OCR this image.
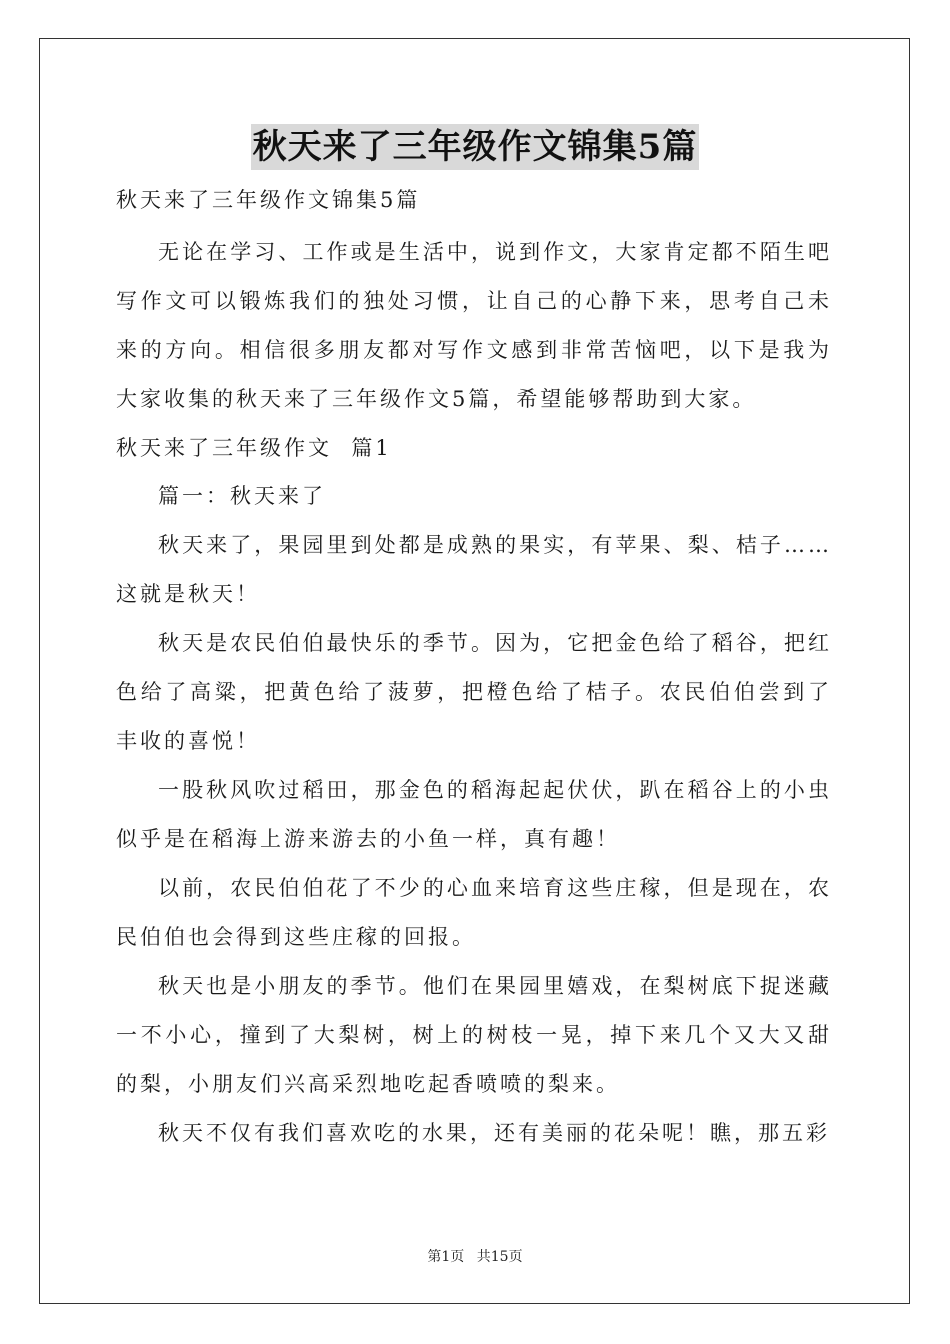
秋天来了三年级作文锦集5篇

秋天来了三年级作文锦集5篇

无论在学习、工作或是生活中，说到作文，大家肯定都不陌生吧写作文可以锻炼我们的独处习惯，让自己的心静下来，思考自己未来的方向。相信很多朋友都对写作文感到非常苦恼吧，以下是我为大家收集的秋天来了三年级作文5篇，希望能够帮助到大家。

秋天来了三年级作文  篇1

篇一：秋天来了

秋天来了，果园里到处都是成熟的果实，有苹果、梨、桔子……这就是秋天！

秋天是农民伯伯最快乐的季节。因为，它把金色给了稻谷，把红色给了高粱，把黄色给了菠萝，把橙色给了桔子。农民伯伯尝到了丰收的喜悦！

一股秋风吹过稻田，那金色的稻海起起伏伏，趴在稻谷上的小虫似乎是在稻海上游来游去的小鱼一样，真有趣！

以前，农民伯伯花了不少的心血来培育这些庄稼，但是现在，农民伯伯也会得到这些庄稼的回报。

秋天也是小朋友的季节。他们在果园里嬉戏，在梨树底下捉迷藏一不小心，撞到了大梨树，树上的树枝一晃，掉下来几个又大又甜的梨，小朋友们兴高采烈地吃起香喷喷的梨来。

秋天不仅有我们喜欢吃的水果，还有美丽的花朵呢！瞧，那五彩

第1页 共15页
